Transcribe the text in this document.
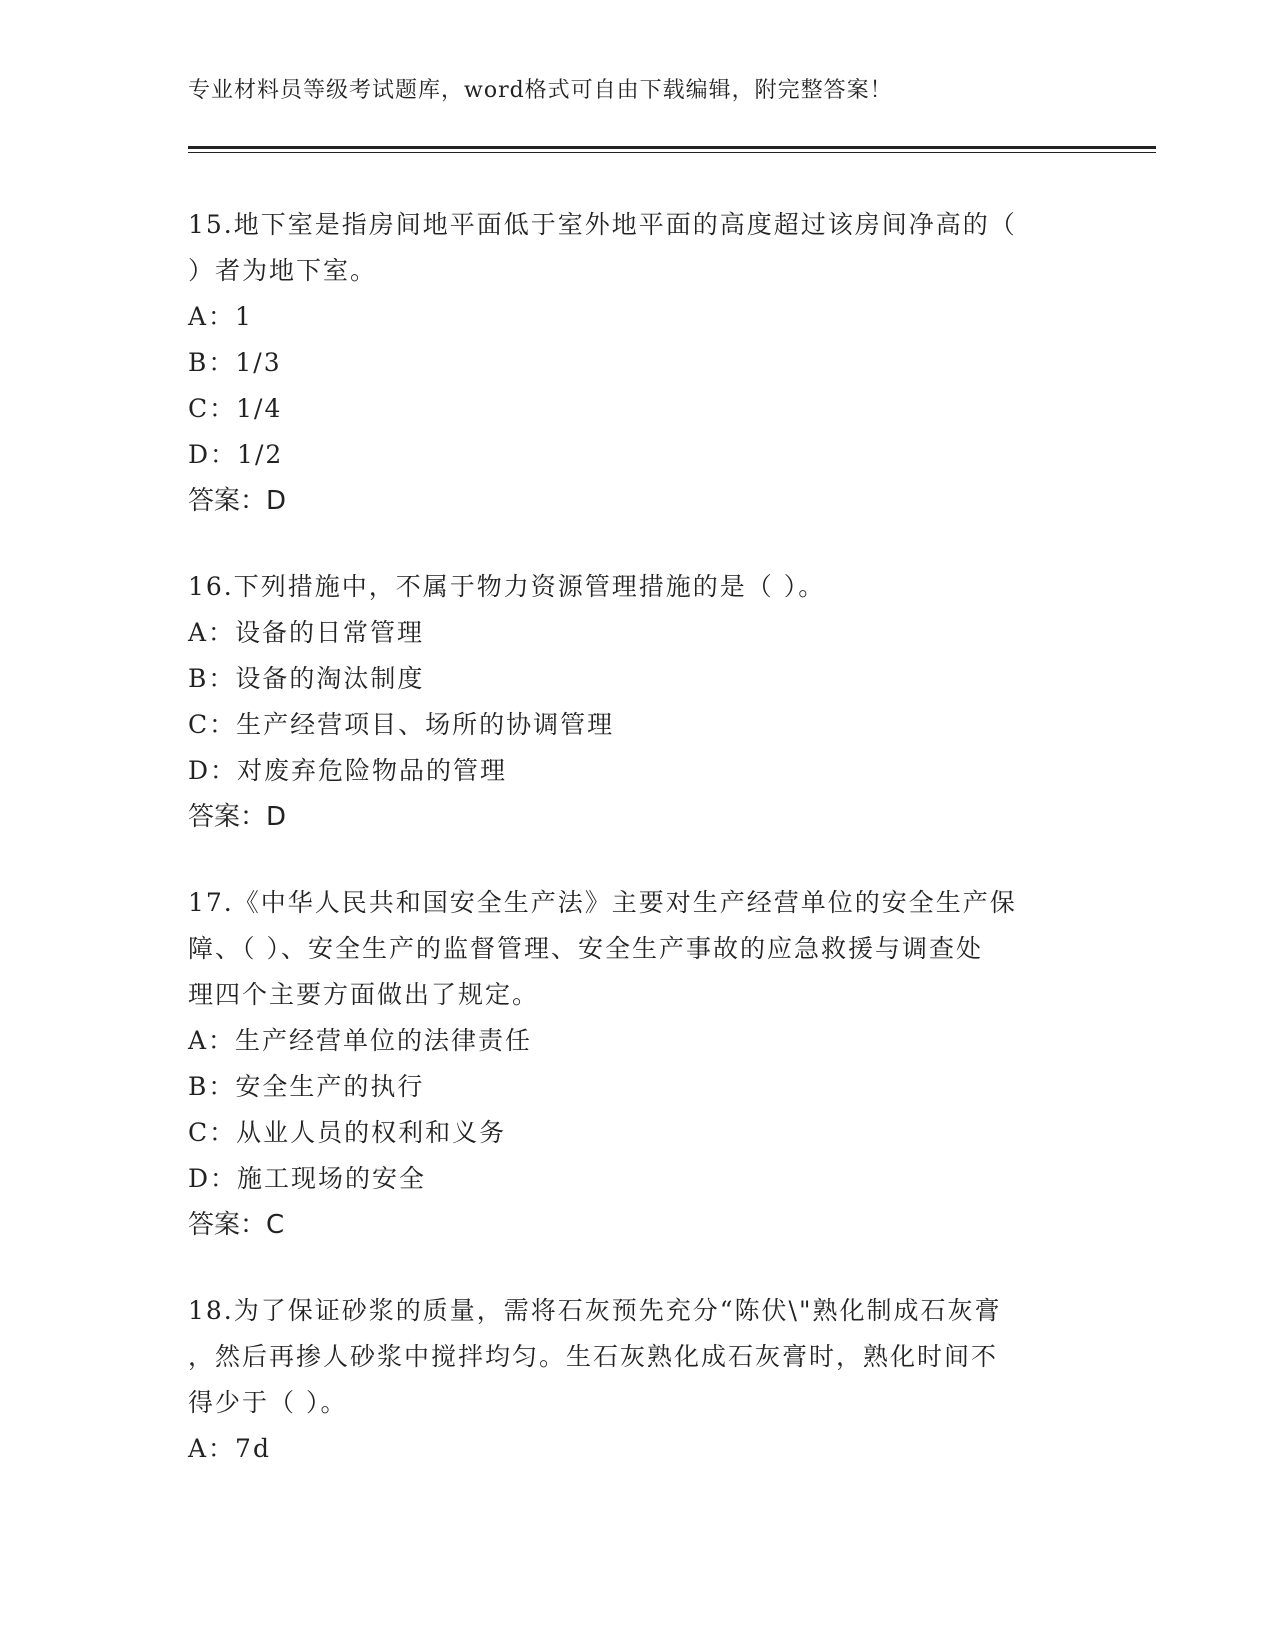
专业材料员等级考试题库，word格式可自由下载编辑，附完整答案！

15.地下室是指房间地平面低于室外地平面的高度超过该房间净高的（
）者为地下室。

A：1

B：1/3

C：1/4

D：1/2

答案：D

16.下列措施中，不属于物力资源管理措施的是（ ）。

A：设备的日常管理

B：设备的淘汰制度

C：生产经营项目、场所的协调管理

D：对废弃危险物品的管理

答案：D

17.《中华人民共和国安全生产法》主要对生产经营单位的安全生产保
障、（ ）、安全生产的监督管理、安全生产事故的应急救援与调查处
理四个主要方面做出了规定。

A：生产经营单位的法律责任

B：安全生产的执行

C：从业人员的权利和义务

D：施工现场的安全

答案：C

18.为了保证砂浆的质量，需将石灰预先充分“陈伏\"熟化制成石灰膏
，然后再掺人砂浆中搅拌均匀。生石灰熟化成石灰膏时，熟化时间不
得少于（ ）。

A：7d
